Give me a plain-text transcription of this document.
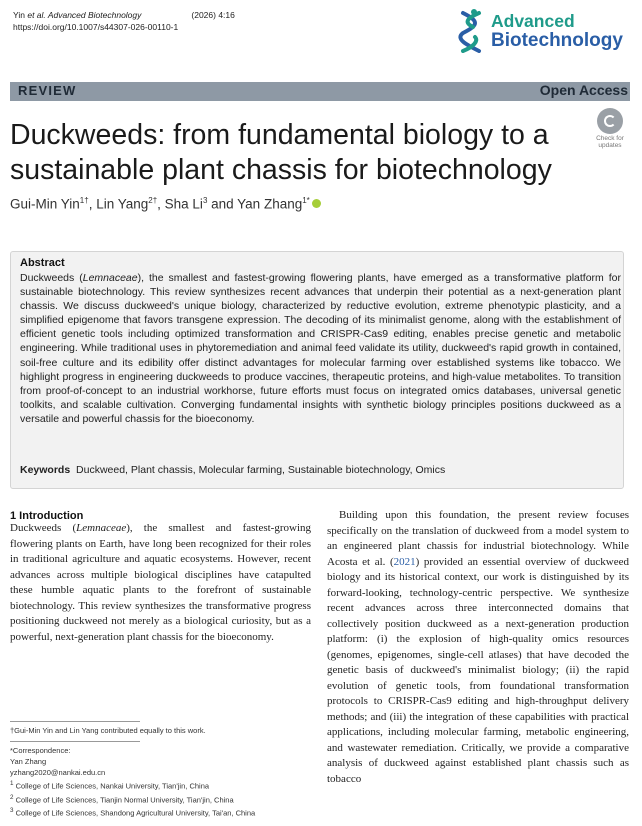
Yin et al. Advanced Biotechnology	(2026) 4:16
https://doi.org/10.1007/s44307-026-00110-1	Advanced
Biotechnology
REVIEW	Open Access
Duckweeds: from fundamental biology to a sustainable plant chassis for biotechnology
Check for
updates
Gui-Min Yin$^{1\dagger}$, Lin Yang$^{2\dagger}$, Sha Li$^3$ and Yan Zhang$^{1*}$
Abstract
Duckweeds (Lemnaceae), the smallest and fastest-growing flowering plants, have emerged as a transformative platform for sustainable biotechnology. This review synthesizes recent advances that underpin their potential as a next-generation plant chassis. We discuss duckweed's unique biology, characterized by reductive evolution, extreme phenotypic plasticity, and a simplified epigenome that favors transgene expression. The decoding of its minimalist genome, along with the establishment of efficient genetic tools including optimized transformation and CRISPR-Cas9 editing, enables precise genetic and metabolic engineering. While traditional uses in phytoremediation and animal feed validate its utility, duckweed's rapid growth in contained, soil-free culture and its edibility offer distinct advantages for molecular farming over established systems like tobacco. We highlight progress in engineering duckweeds to produce vaccines, therapeutic proteins, and high-value metabolites. To transition from proof-of-concept to an industrial workhorse, future efforts must focus on integrated omics databases, universal genetic toolkits, and scalable cultivation. Converging fundamental insights with synthetic biology principles positions duckweed as a versatile and powerful chassis for the bioeconomy.
Keywords Duckweed, Plant chassis, Molecular farming, Sustainable biotechnology, Omics
1 Introduction
Duckweeds (Lemnaceae), the smallest and fastest-growing flowering plants on Earth, have long been recognized for their roles in traditional agriculture and aquatic ecosystems. However, recent advances across multiple biological disciplines have catapulted these humble aquatic plants to the forefront of sustainable biotechnology. This review synthesizes the transformative progress positioning duckweed not merely as a biological curiosity, but as a powerful, next-generation plant chassis for the bioeconomy.
Building upon this foundation, the present review focuses specifically on the translation of duckweed from a model system to an engineered plant chassis for industrial biotechnology. While Acosta et al. (2021) provided an essential overview of duckweed biology and its historical context, our work is distinguished by its forward-looking, technology-centric perspective. We synthesize recent advances across three interconnected domains that collectively position duckweed as a next-generation production platform: (i) the explosion of high-quality omics resources (genomes, epigenomes, single-cell atlases) that have decoded the genetic basis of duckweed's minimalist biology; (ii) the rapid evolution of genetic tools, from foundational transformation protocols to CRISPR-Cas9 editing and high-throughput delivery methods; and (iii) the integration of these capabilities with practical applications, including molecular farming, metabolic engineering, and wastewater remediation. Critically, we provide a comparative analysis of duckweed against established plant chassis such as tobacco
†Gui-Min Yin and Lin Yang contributed equally to this work.
*Correspondence:
Yan Zhang
yzhang2020@nankai.edu.cn
$^1$ College of Life Sciences, Nankai University, Tian'jin, China
$^2$ College of Life Sciences, Tianjin Normal University, Tian'jin, China
$^3$ College of Life Sciences, Shandong Agricultural University, Tai'an, China
